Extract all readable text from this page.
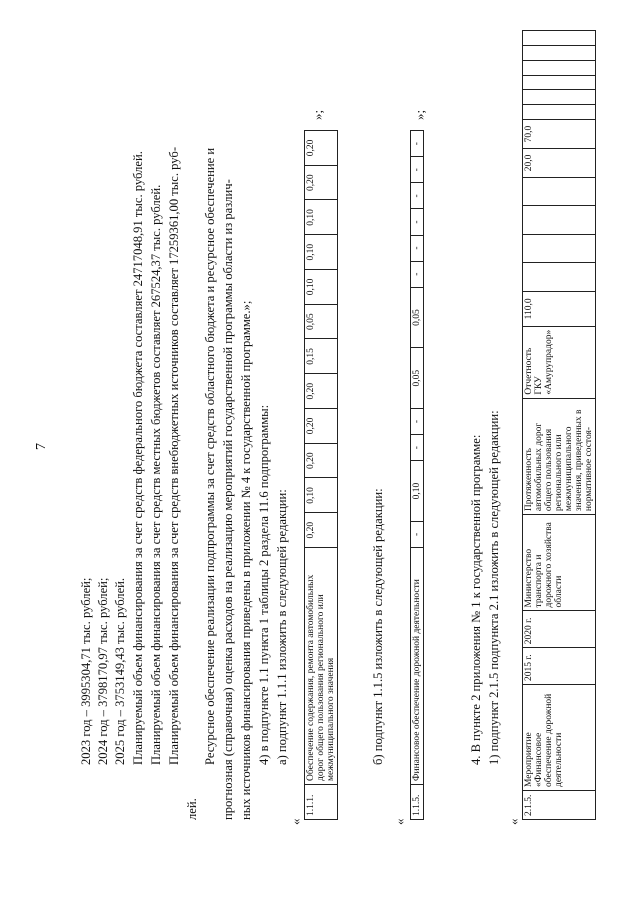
7
2023 год – 3995304,71 тыс. рублей; 2024 год – 3798170,97 тыс. рублей; 2025 год – 3753149,43 тыс. рублей. Планируемый объем финансирования за счет средств федерального бюджета составляет 24717048,91 тыс. рублей. Планируемый объем финансирования за счет средств местных бюджетов составляет 267524,37 тыс. рублей. Планируемый объем финансирования за счет средств внебюджетных источников составляет 17259361,00 тыс. руб-
лей.
Ресурсное обеспечение реализации подпрограммы за счет средств областного бюджета и ресурсное обеспечение и прогнозная (справочная) оценка расходов на реализацию мероприятий государственной программы области из различ- ных источников финансирования приведены в приложении № 4 к государственной программе.»; 4) в подпункте 1.1 пункта 1 таблицы 2 раздела 11.6 подпрограммы: а) подпункт 1.1.1 изложить в следующей редакции:
«
1.1.1.	Обеспечение содержания, ремонта автомобильных дорог общего пользования регионального или межмуниципального значения	0,20	0,10	0,20	0,20	0,20	0,15	0,05	0,10	0,10	0,10	0,20	0,20
»;
б) подпункт 1.1.5 изложить в следующей редакции:
«
1.1.5.	Финансовое обеспечение дорожной деятельности	-	0,10	-	-	0,05	0,05	-	-	-	-	-	-
»;
4. В пункте 2 приложения № 1 к государственной программе: 1) подпункт 2.1.5 подпункта 2.1 изложить в следующей редакции:
«
2.1.5.	Мероприятие «Финансовое обеспечение дорожной деятельности	2015 г.	2020 г.	Министерство транспорта и дорожного хозяйства области	Протяженность автомобильных дорог общего пользования регионального или межмуниципального значения, приведенных в нормативное состоя-	Отчетность ГКУ «Амурупрадор»	110,0					20,0	70,0						
